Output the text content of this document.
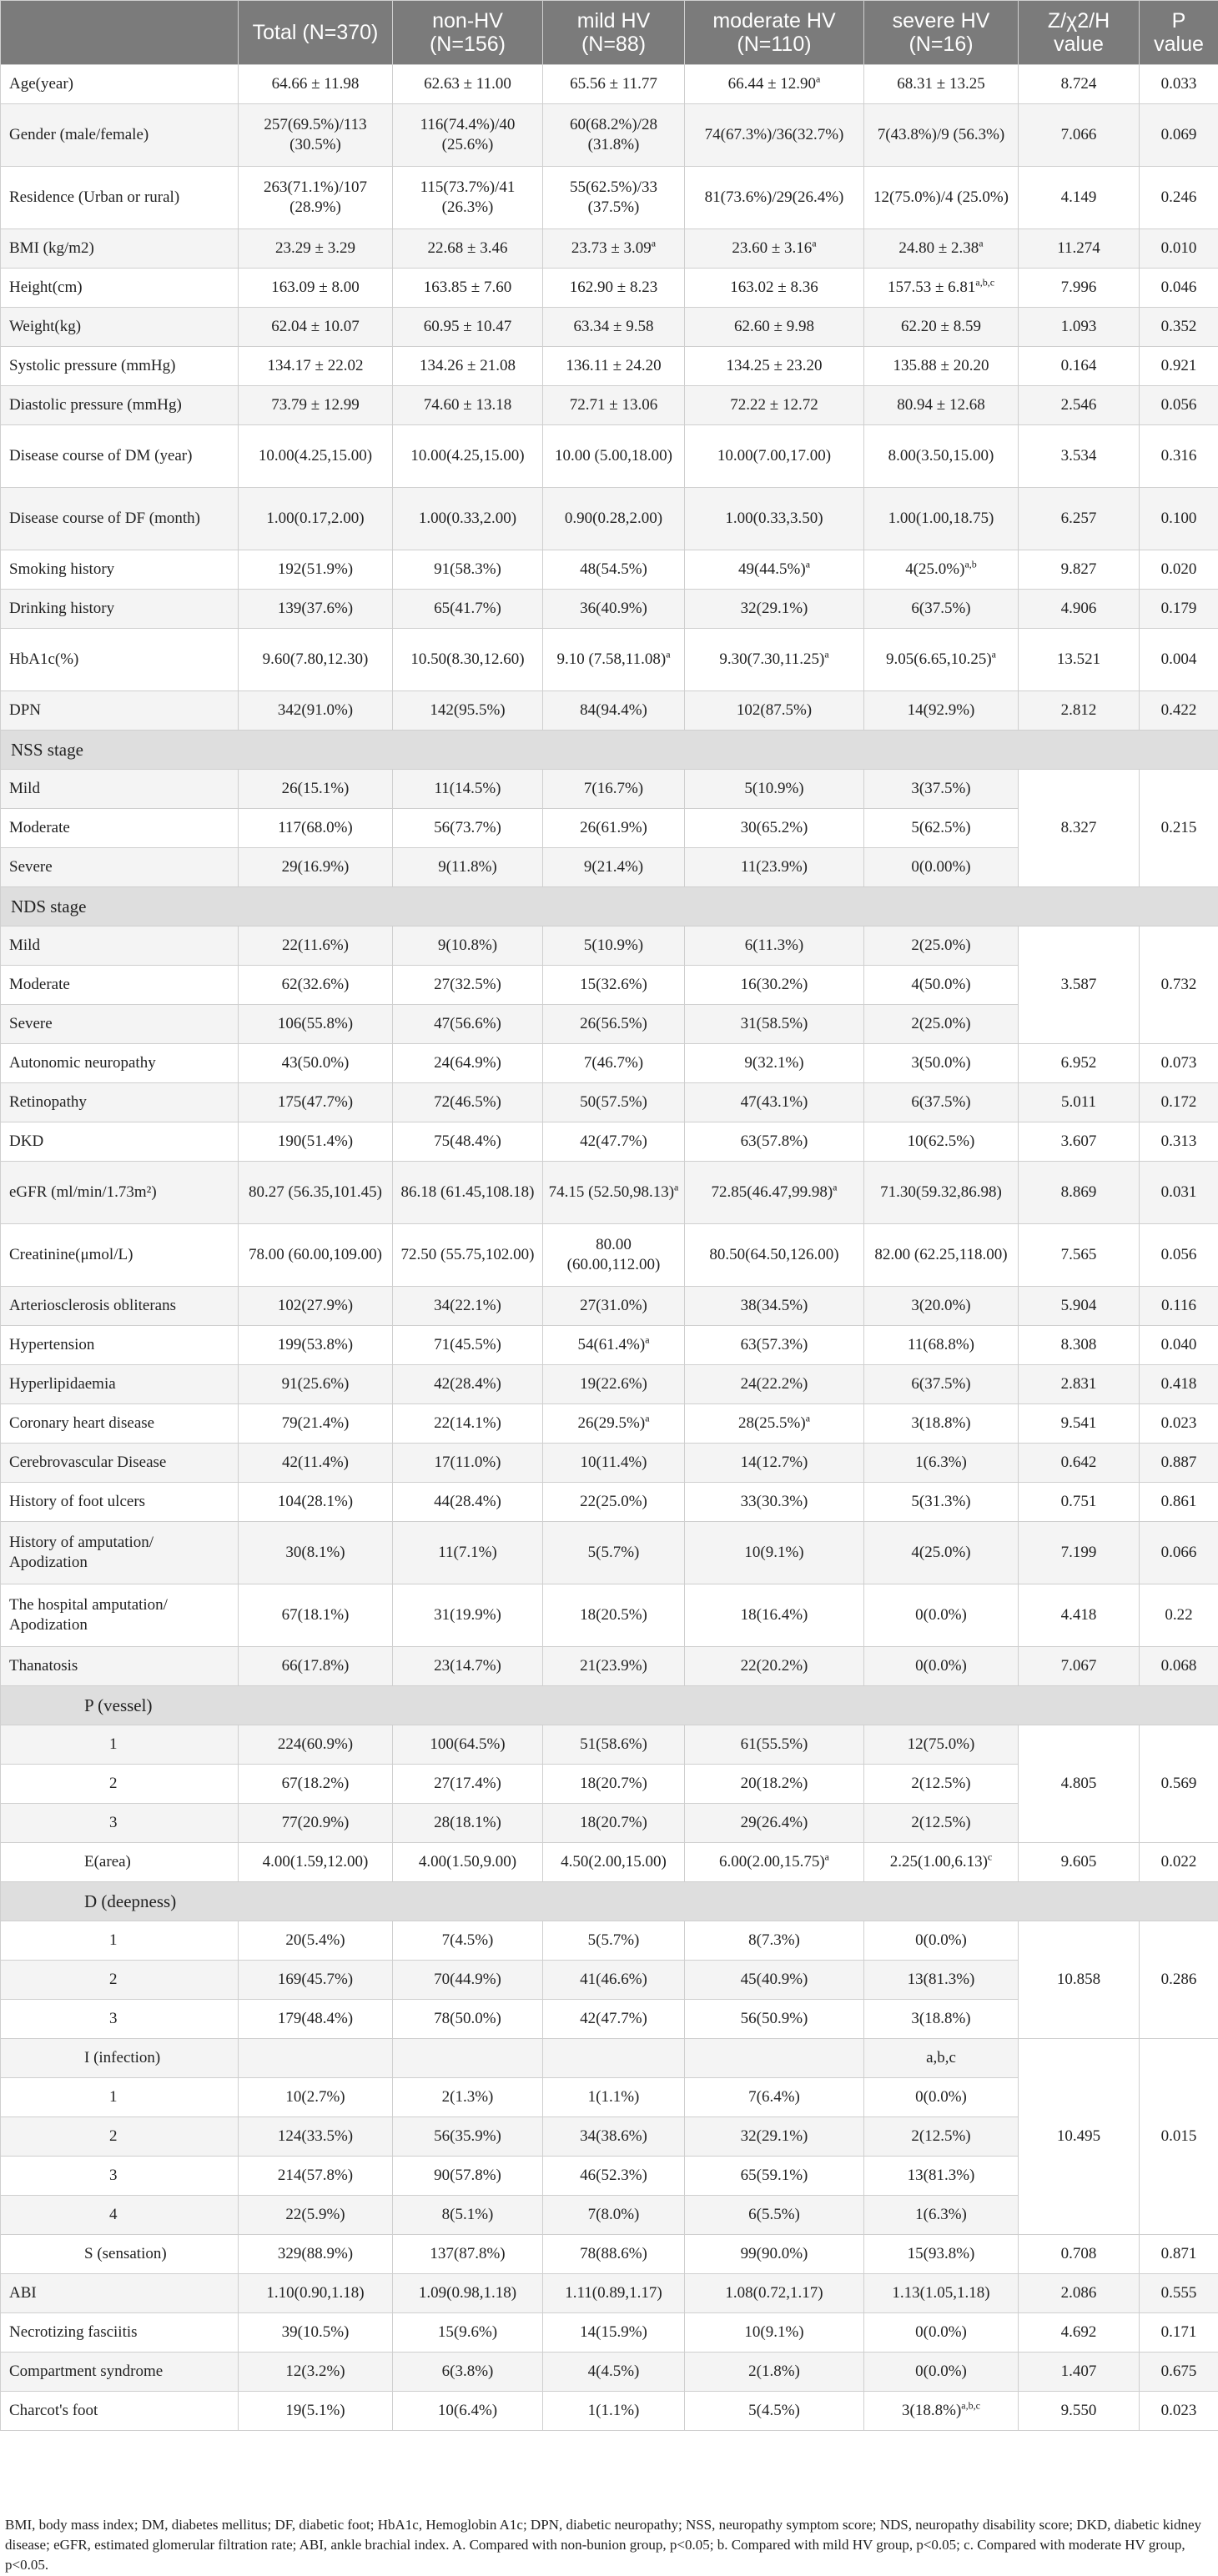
	Total (N=370)	non-HV (N=156)	mild HV (N=88)	moderate HV (N=110)	severe HV (N=16)	Z/χ2/H value	P value
Age(year)	64.66 ± 11.98	62.63 ± 11.00	65.56 ± 11.77	66.44 ± 12.90$^a$	68.31 ± 13.25	8.724	0.033
Gender (male/female)	257(69.5%)/113 (30.5%)	116(74.4%)/40 (25.6%)	60(68.2%)/28 (31.8%)	74(67.3%)/36(32.7%)	7(43.8%)/9 (56.3%)	7.066	0.069
Residence (Urban or rural)	263(71.1%)/107 (28.9%)	115(73.7%)/41 (26.3%)	55(62.5%)/33 (37.5%)	81(73.6%)/29(26.4%)	12(75.0%)/4 (25.0%)	4.149	0.246
BMI (kg/m2)	23.29 ± 3.29	22.68 ± 3.46	23.73 ± 3.09$^a$	23.60 ± 3.16$^a$	24.80 ± 2.38$^a$	11.274	0.010
Height(cm)	163.09 ± 8.00	163.85 ± 7.60	162.90 ± 8.23	163.02 ± 8.36	$157.53 \pm 6.81^{a,b,c}$	7.996	0.046
Weight(kg)	62.04 ± 10.07	60.95 ± 10.47	63.34 ± 9.58	62.60 ± 9.98	62.20 ± 8.59	1.093	0.352
Systolic pressure (mmHg)	134.17 ± 22.02	134.26 ± 21.08	136.11 ± 24.20	134.25 ± 23.20	135.88 ± 20.20	0.164	0.921
Diastolic pressure (mmHg)	73.79 ± 12.99	74.60 ± 13.18	72.71 ± 13.06	72.22 ± 12.72	80.94 ± 12.68	2.546	0.056
Disease course of DM (year)	10.00(4.25,15.00)	10.00(4.25,15.00)	10.00 (5.00,18.00)	10.00(7.00,17.00)	8.00(3.50,15.00)	3.534	0.316
Disease course of DF (month)	1.00(0.17,2.00)	1.00(0.33,2.00)	0.90(0.28,2.00)	1.00(0.33,3.50)	1.00(1.00,18.75)	6.257	0.100
Smoking history	192(51.9%)	91(58.3%)	48(54.5%)	$49(44.5\%)^a$	$4(25.0\%)^{a,b}$	9.827	0.020
Drinking history	139(37.6%)	65(41.7%)	36(40.9%)	32(29.1%)	6(37.5%)	4.906	0.179
HbA1c(%)	9.60(7.80,12.30)	10.50(8.30,12.60)	9.10 $(7.58,11.08)^a$	$9.30(7.30,11.25)^a$	$9.05(6.65,10.25)^a$	13.521	0.004
DPN	342(91.0%)	142(95.5%)	84(94.4%)	102(87.5%)	14(92.9%)	2.812	0.422
NSS stage							
Mild	26(15.1%)	11(14.5%)	7(16.7%)	5(10.9%)	3(37.5%)	8.327	0.215
Moderate	117(68.0%)	56(73.7%)	26(61.9%)	30(65.2%)	5(62.5%)		
Severe	29(16.9%)	9(11.8%)	9(21.4%)	11(23.9%)	0(0.00%)		
NDS stage							
Mild	22(11.6%)	9(10.8%)	5(10.9%)	6(11.3%)	2(25.0%)	3.587	0.732
Moderate	62(32.6%)	27(32.5%)	15(32.6%)	16(30.2%)	4(50.0%)		
Severe	106(55.8%)	47(56.6%)	26(56.5%)	31(58.5%)	2(25.0%)		
Autonomic neuropathy	43(50.0%)	24(64.9%)	7(46.7%)	9(32.1%)	3(50.0%)	6.952	0.073
Retinopathy	175(47.7%)	72(46.5%)	50(57.5%)	47(43.1%)	6(37.5%)	5.011	0.172
DKD	190(51.4%)	75(48.4%)	42(47.7%)	63(57.8%)	10(62.5%)	3.607	0.313
eGFR (ml/min/1.73m²)	80.27 (56.35,101.45)	86.18 (61.45,108.18)	74.15 $(52.50,98.13)^a$	$72.85(46.47,99.98)^a$	71.30(59.32,86.98)	8.869	0.031
Creatinine(μmol/L)	78.00 (60.00,109.00)	72.50 (55.75,102.00)	80.00 (60.00,112.00)	80.50(64.50,126.00)	82.00 (62.25,118.00)	7.565	0.056
Arteriosclerosis obliterans	102(27.9%)	34(22.1%)	27(31.0%)	38(34.5%)	3(20.0%)	5.904	0.116
Hypertension	199(53.8%)	71(45.5%)	$54(61.4\%)^a$	63(57.3%)	11(68.8%)	8.308	0.040
Hyperlipidaemia	91(25.6%)	42(28.4%)	19(22.6%)	24(22.2%)	6(37.5%)	2.831	0.418
Coronary heart disease	79(21.4%)	22(14.1%)	$26(29.5\%)^a$	$28(25.5\%)^a$	3(18.8%)	9.541	0.023
Cerebrovascular Disease	42(11.4%)	17(11.0%)	10(11.4%)	14(12.7%)	1(6.3%)	0.642	0.887
History of foot ulcers	104(28.1%)	44(28.4%)	22(25.0%)	33(30.3%)	5(31.3%)	0.751	0.861
History of amputation/ Apodization	30(8.1%)	11(7.1%)	5(5.7%)	10(9.1%)	4(25.0%)	7.199	0.066
The hospital amputation/ Apodization	67(18.1%)	31(19.9%)	18(20.5%)	18(16.4%)	0(0.0%)	4.418	0.22
Thanatosis	66(17.8%)	23(14.7%)	21(23.9%)	22(20.2%)	0(0.0%)	7.067	0.068
P (vessel)							
1	224(60.9%)	100(64.5%)	51(58.6%)	61(55.5%)	12(75.0%)	4.805	0.569
2	67(18.2%)	27(17.4%)	18(20.7%)	20(18.2%)	2(12.5%)		
3	77(20.9%)	28(18.1%)	18(20.7%)	29(26.4%)	2(12.5%)		
E(area)	4.00(1.59,12.00)	4.00(1.50,9.00)	4.50(2.00,15.00)	$6.00(2.00,15.75)^a$	$2.25(1.00,6.13)^c$	9.605	0.022
D (deepness)							
1	20(5.4%)	7(4.5%)	5(5.7%)	8(7.3%)	0(0.0%)	10.858	0.286
2	169(45.7%)	70(44.9%)	41(46.6%)	45(40.9%)	13(81.3%)		
3	179(48.4%)	78(50.0%)	42(47.7%)	56(50.9%)	3(18.8%)		
I (infection)					a,b,c	10.495	0.015
1	10(2.7%)	2(1.3%)	1(1.1%)	7(6.4%)	0(0.0%)		
2	124(33.5%)	56(35.9%)	34(38.6%)	32(29.1%)	2(12.5%)		
3	214(57.8%)	90(57.8%)	46(52.3%)	65(59.1%)	13(81.3%)		
4	22(5.9%)	8(5.1%)	7(8.0%)	6(5.5%)	1(6.3%)		
S (sensation)	329(88.9%)	137(87.8%)	78(88.6%)	99(90.0%)	15(93.8%)	0.708	0.871
ABI	1.10(0.90,1.18)	1.09(0.98,1.18)	1.11(0.89,1.17)	1.08(0.72,1.17)	1.13(1.05,1.18)	2.086	0.555
Necrotizing fasciitis	39(10.5%)	15(9.6%)	14(15.9%)	10(9.1%)	0(0.0%)	4.692	0.171
Compartment syndrome	12(3.2%)	6(3.8%)	4(4.5%)	2(1.8%)	0(0.0%)	1.407	0.675
Charcot's foot	19(5.1%)	10(6.4%)	1(1.1%)	5(4.5%)	$3(18.8\%)^{a,b,c}$	9.550	0.023
BMI, body mass index; DM, diabetes mellitus; DF, diabetic foot; HbA1c, Hemoglobin A1c; DPN, diabetic neuropathy; NSS, neuropathy symptom score; NDS, neuropathy disability score; DKD, diabetic kidney disease; eGFR, estimated glomerular filtration rate; ABI, ankle brachial index. A. Compared with non-bunion group, p<0.05; b. Compared with mild HV group, p<0.05; c. Compared with moderate HV group, p<0.05.
